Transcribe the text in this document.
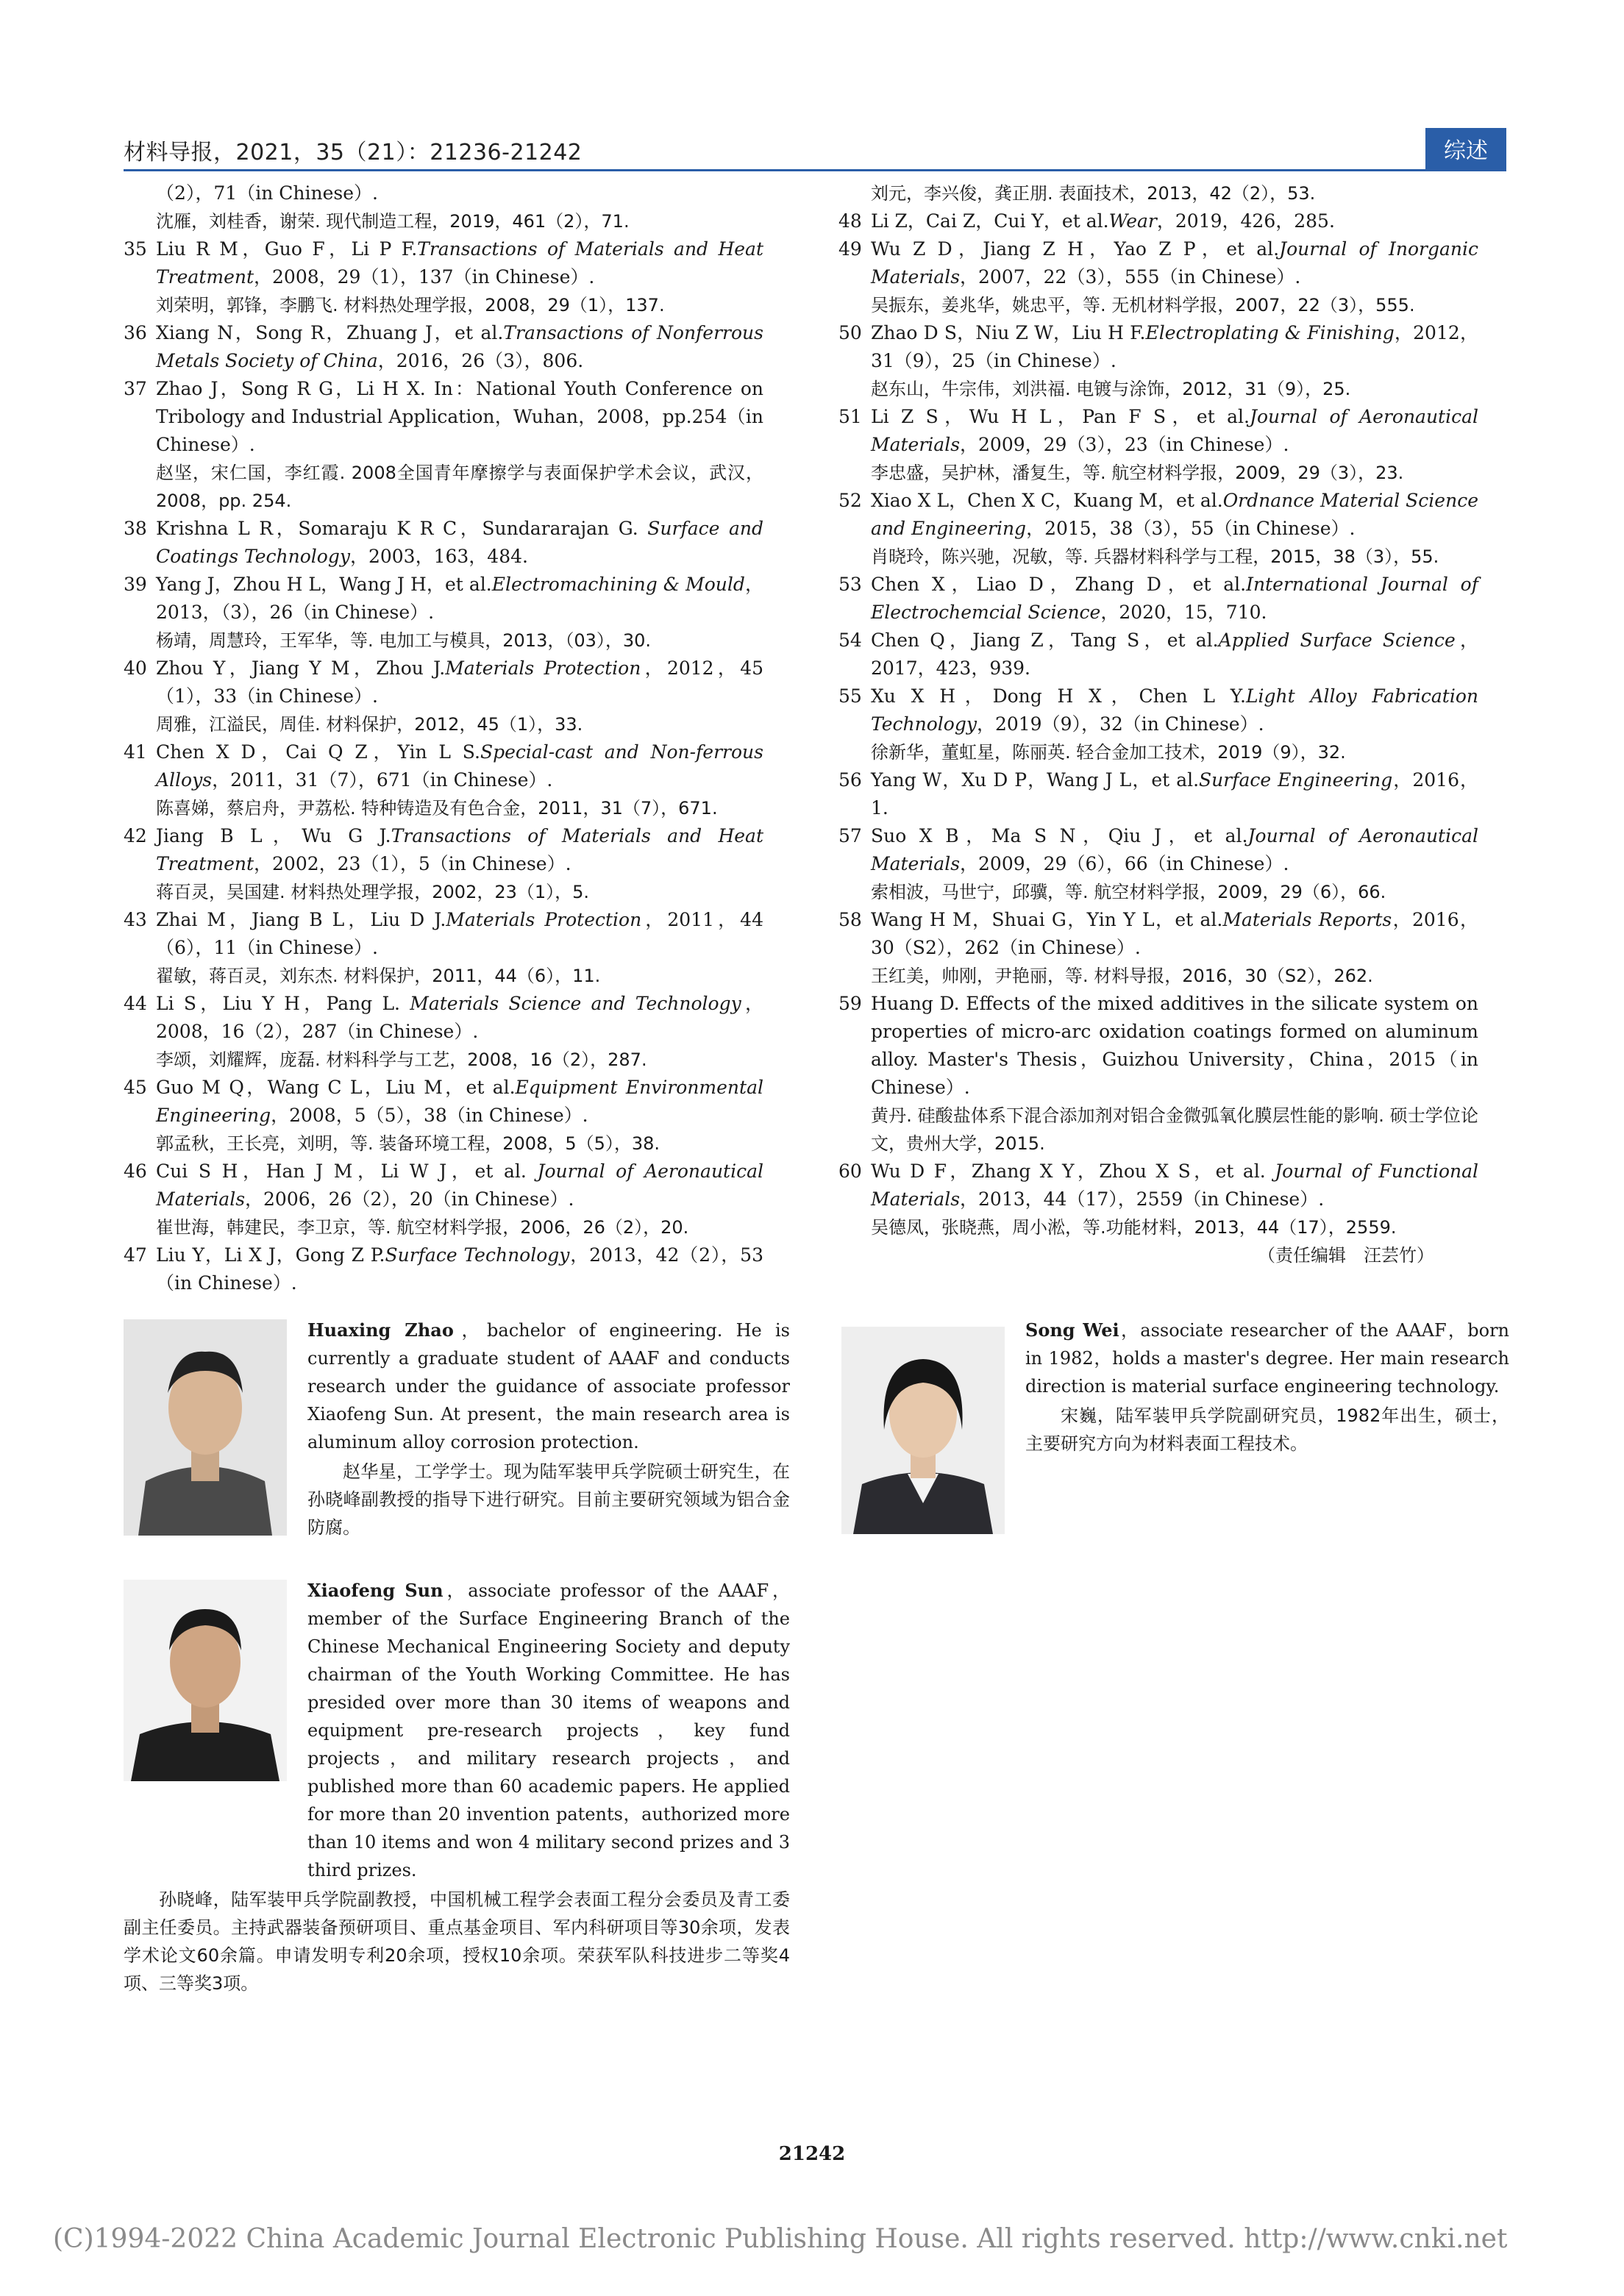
材料导报，2021，35（21）：21236-21242	综述
（2），71（in Chinese）.
沈雁，刘桂香，谢荣. 现代制造工程，2019，461（2），71.
35 Liu R M，Guo F，Li P F.Transactions of Materials and Heat Treatment，2008，29（1），137（in Chinese）.
刘荣明，郭锋，李鹏飞. 材料热处理学报，2008，29（1），137.
36 Xiang N，Song R，Zhuang J，et al.Transactions of Nonferrous Metals Society of China，2016，26（3），806.
37 Zhao J，Song R G，Li H X. In：National Youth Conference on Tribology and Industrial Application，Wuhan，2008，pp.254（in Chinese）.
赵坚，宋仁国，李红霞. 2008全国青年摩擦学与表面保护学术会议，武汉，2008，pp. 254.
38 Krishna L R，Somaraju K R C，Sundararajan G. Surface and Coatings Technology，2003，163，484.
39 Yang J，Zhou H L，Wang J H，et al.Electromachining & Mould，2013，（3），26（in Chinese）.
杨靖，周慧玲，王军华，等. 电加工与模具，2013，（03），30.
40 Zhou Y，Jiang Y M，Zhou J.Materials Protection，2012，45（1），33（in Chinese）.
周雅，江溢民，周佳. 材料保护，2012，45（1），33.
41 Chen X D，Cai Q Z，Yin L S.Special-cast and Non-ferrous Alloys，2011，31（7），671（in Chinese）.
陈喜娣，蔡启舟，尹荔松. 特种铸造及有色合金，2011，31（7），671.
42 Jiang B L，Wu G J.Transactions of Materials and Heat Treatment，2002，23（1），5（in Chinese）.
蒋百灵，吴国建. 材料热处理学报，2002，23（1），5.
43 Zhai M，Jiang B L，Liu D J.Materials Protection，2011，44（6），11（in Chinese）.
翟敏，蒋百灵，刘东杰. 材料保护，2011，44（6），11.
44 Li S，Liu Y H，Pang L. Materials Science and Technology，2008，16（2），287（in Chinese）.
李颂，刘耀辉，庞磊. 材料科学与工艺，2008，16（2），287.
45 Guo M Q，Wang C L，Liu M，et al.Equipment Environmental Engineering，2008，5（5），38（in Chinese）.
郭孟秋，王长亮，刘明，等. 装备环境工程，2008，5（5），38.
46 Cui S H，Han J M，Li W J，et al. Journal of Aeronautical Materials，2006，26（2），20（in Chinese）.
崔世海，韩建民，李卫京，等. 航空材料学报，2006，26（2），20.
47 Liu Y，Li X J，Gong Z P.Surface Technology，2013，42（2），53（in Chinese）.
刘元，李兴俊，龚正朋. 表面技术，2013，42（2），53.
48 Li Z，Cai Z，Cui Y，et al.Wear，2019，426，285.
49 Wu Z D，Jiang Z H，Yao Z P，et al.Journal of Inorganic Materials，2007，22（3），555（in Chinese）.
吴振东，姜兆华，姚忠平，等. 无机材料学报，2007，22（3），555.
50 Zhao D S，Niu Z W，Liu H F.Electroplating & Finishing，2012，31（9），25（in Chinese）.
赵东山，牛宗伟，刘洪福. 电镀与涂饰，2012，31（9），25.
51 Li Z S，Wu H L，Pan F S，et al.Journal of Aeronautical Materials，2009，29（3），23（in Chinese）.
李忠盛，吴护林，潘复生，等. 航空材料学报，2009，29（3），23.
52 Xiao X L，Chen X C，Kuang M，et al.Ordnance Material Science and Engineering，2015，38（3），55（in Chinese）.
肖晓玲，陈兴驰，况敏，等. 兵器材料科学与工程，2015，38（3），55.
53 Chen X，Liao D，Zhang D，et al.International Journal of Electrochemcial Science，2020，15，710.
54 Chen Q，Jiang Z，Tang S，et al.Applied Surface Science，2017，423，939.
55 Xu X H，Dong H X，Chen L Y.Light Alloy Fabrication Technology，2019（9），32（in Chinese）.
徐新华，董虹星，陈丽英. 轻合金加工技术，2019（9），32.
56 Yang W，Xu D P，Wang J L，et al.Surface Engineering，2016，1.
57 Suo X B，Ma S N，Qiu J，et al.Journal of Aeronautical Materials，2009，29（6），66（in Chinese）.
索相波，马世宁，邱骥，等. 航空材料学报，2009，29（6），66.
58 Wang H M，Shuai G，Yin Y L，et al.Materials Reports，2016，30（S2），262（in Chinese）.
王红美，帅刚，尹艳丽，等. 材料导报，2016，30（S2），262.
59 Huang D. Effects of the mixed additives in the silicate system on properties of micro-arc oxidation coatings formed on aluminum alloy. Master's Thesis，Guizhou University，China，2015（in Chinese）.
黄丹. 硅酸盐体系下混合添加剂对铝合金微弧氧化膜层性能的影响. 硕士学位论文，贵州大学，2015.
60 Wu D F，Zhang X Y，Zhou X S，et al. Journal of Functional Materials，2013，44（17），2559（in Chinese）.
吴德凤，张晓燕，周小淞，等.功能材料，2013，44（17），2559.
（责任编辑　汪芸竹）
Huaxing Zhao，bachelor of engineering. He is currently a graduate student of AAAF and conducts research under the guidance of associate professor Xiaofeng Sun. At present，the main research area is aluminum alloy corrosion protection.
赵华星，工学学士。现为陆军装甲兵学院硕士研究生，在孙晓峰副教授的指导下进行研究。目前主要研究领域为铝合金防腐。
Xiaofeng Sun，associate professor of the AAAF，member of the Surface Engineering Branch of the Chinese Mechanical Engineering Society and deputy chairman of the Youth Working Committee. He has presided over more than 30 items of weapons and equipment pre-research projects，key fund projects，and military research projects，and published more than 60 academic papers. He applied for more than 20 invention patents，authorized more than 10 items and won 4 military second prizes and 3 third prizes.
孙晓峰，陆军装甲兵学院副教授，中国机械工程学会表面工程分会委员及青工委副主任委员。主持武器装备预研项目、重点基金项目、军内科研项目等30余项，发表学术论文60余篇。申请发明专利20余项，授权10余项。荣获军队科技进步二等奖4项、三等奖3项。
Song Wei，associate researcher of the AAAF，born in 1982，holds a master's degree. Her main research direction is material surface engineering technology.
宋巍，陆军装甲兵学院副研究员，1982年出生，硕士，主要研究方向为材料表面工程技术。
21242
(C)1994-2022 China Academic Journal Electronic Publishing House. All rights reserved. http://www.cnki.net
